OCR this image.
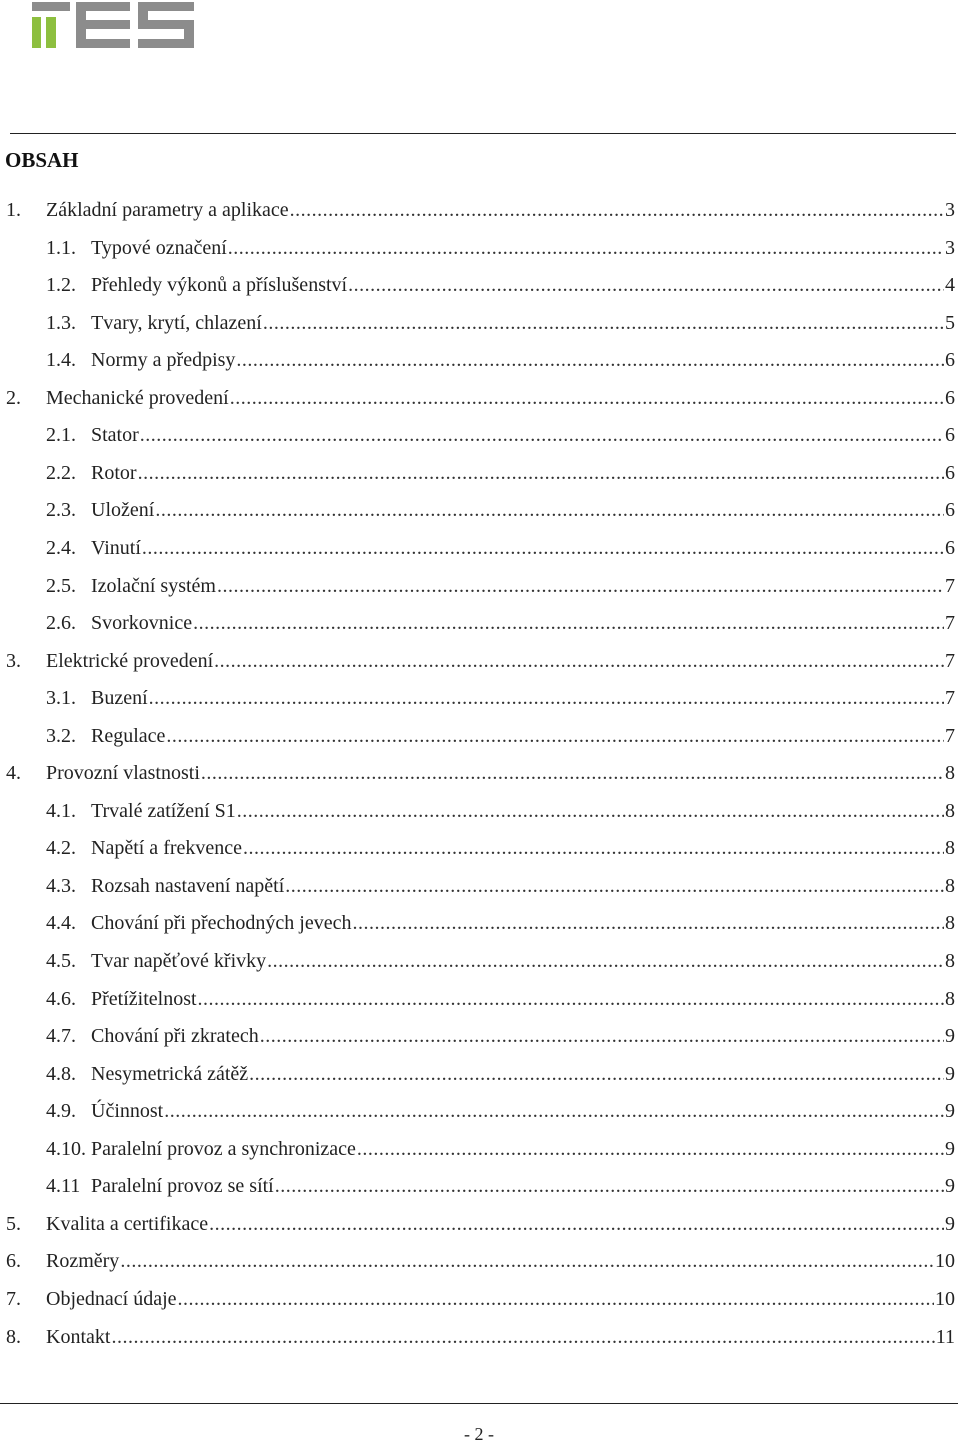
OBSAH
1.	Základní parametry a aplikace .....	3
1.1. Typové označení .....	3
1.2. Přehledy výkonů a příslušenství .....	4
1.3. Tvary, krytí, chlazení .....	5
1.4. Normy a předpisy .....	6
2.	Mechanické provedení .....	6
2.1. Stator .....	6
2.2. Rotor .....	6
2.3. Uložení .....	6
2.4. Vinutí .....	6
2.5. Izolační systém .....	7
2.6. Svorkovnice .....	7
3.	Elektrické provedení .....	7
3.1. Buzení .....	7
3.2. Regulace .....	7
4.	Provozní vlastnosti .....	8
4.1. Trvalé zatížení S1 .....	8
4.2. Napětí a frekvence .....	8
4.3. Rozsah nastavení napětí .....	8
4.4. Chování při přechodných jevech .....	8
4.5. Tvar napěťové křivky .....	8
4.6. Přetížitelnost .....	8
4.7. Chování při zkratech .....	9
4.8. Nesymetrická zátěž .....	9
4.9. Účinnost .....	9
4.10. Paralelní provoz a synchronizace .....	9
4.11 Paralelní provoz se sítí .....	9
5.	Kvalita a certifikace .....	9
6.	Rozměry .....	10
7.	Objednací údaje .....	10
8.	Kontakt .....	11
- 2 -
